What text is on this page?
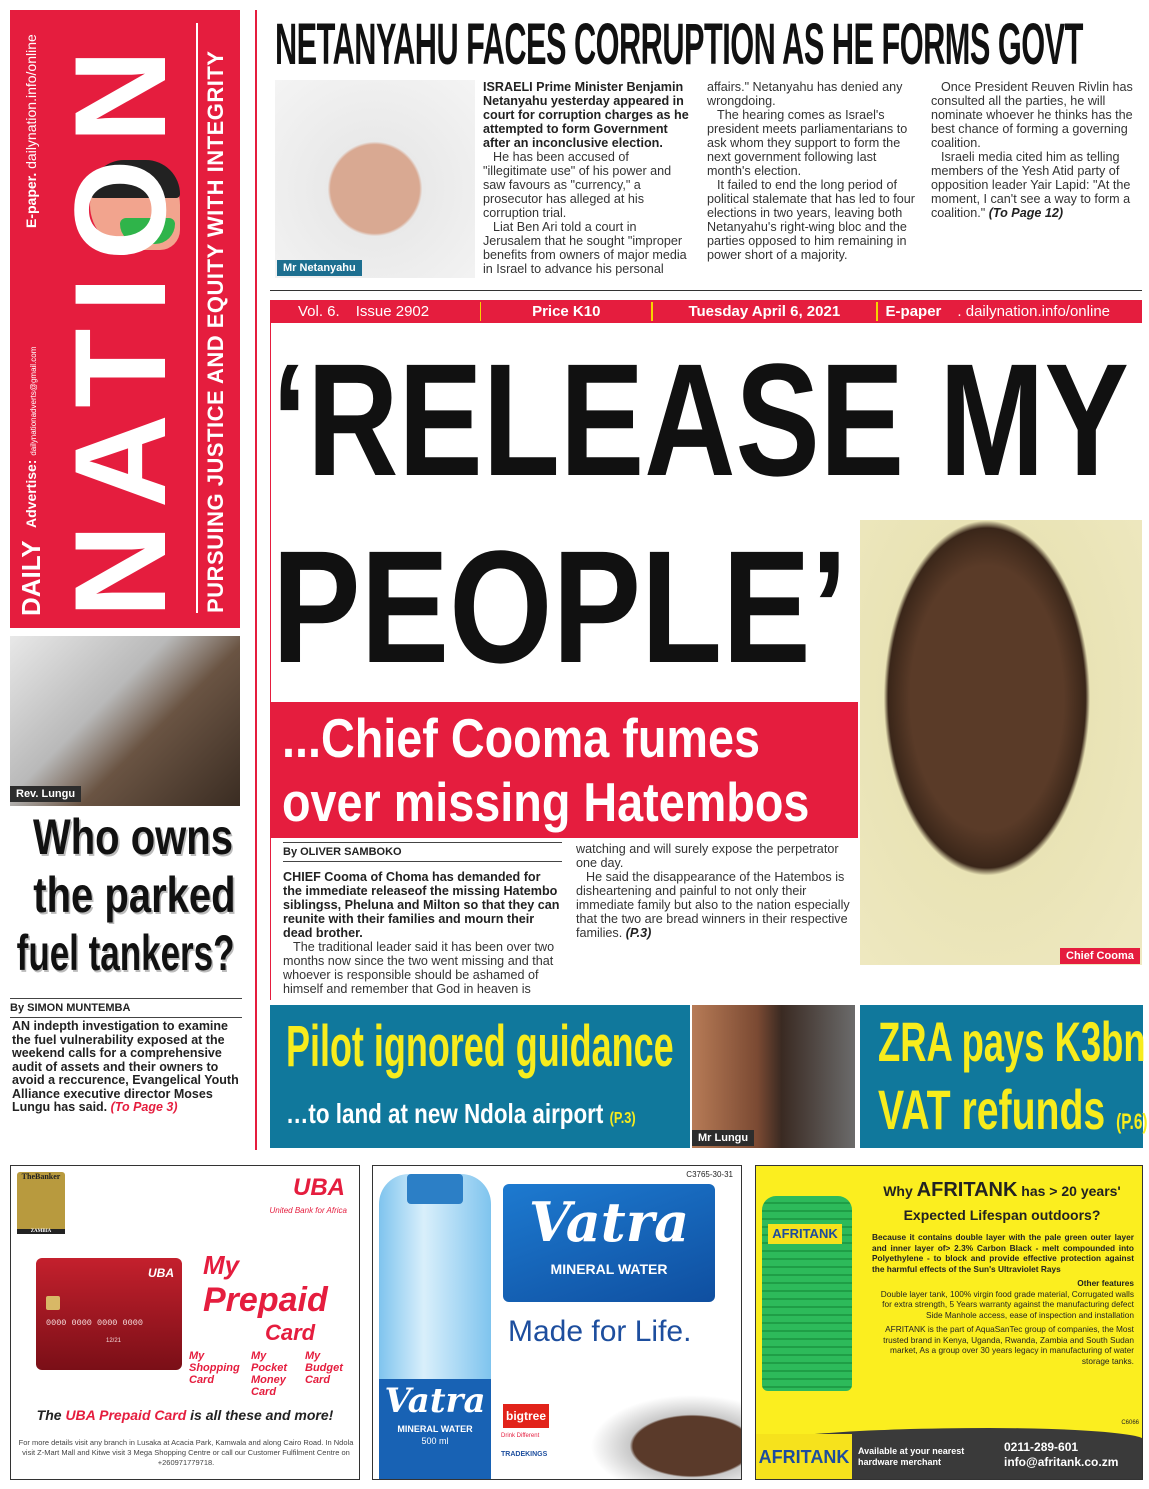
DAILY
Advertise: dailynationadverts@gmail.com
E-paper. dailynation.info/online NATION PURSUING JUSTICE AND EQUITY WITH INTEGRITY
Rev. Lungu
Who owns
the parked
fuel tankers?
By SIMON MUNTEMBA
AN indepth investigation to examine the fuel vulnerability exposed at the weekend calls for a comprehensive audit of assets and their owners to avoid a reccurence, Evangelical Youth Alliance executive director Moses Lungu has said. (To Page 3)
NETANYAHU FACES CORRUPTION AS HE FORMS GOVT
Mr Netanyahu
ISRAELI Prime Minister Benjamin Netanyahu yesterday appeared in court for corruption charges as he attempted to form Government after an inconclusive election.

He has been accused of "illegitimate use" of his power and saw favours as "currency," a prosecutor has alleged at his corruption trial.

Liat Ben Ari told a court in Jerusalem that he sought "improper benefits from owners of major media in Israel to advance his personal affairs." Netanyahu has denied any wrongdoing.

The hearing comes as Israel's president meets parliamentarians to ask whom they support to form the next government following last month's election.

It failed to end the long period of political stalemate that has led to four elections in two years, leaving both Netanyahu's right-wing bloc and the parties opposed to him remaining in power short of a majority.

Once President Reuven Rivlin has consulted all the parties, he will nominate whoever he thinks has the best chance of forming a governing coalition.

Israeli media cited him as telling members of the Yesh Atid party of opposition leader Yair Lapid: "At the moment, I can't see a way to form a coalition." (To Page 12)

Vol. 6.	Issue 2902	Price K10	Tuesday April 6, 2021	E-paper . dailynation.info/online
‘RELEASE MY
PEOPLE’
Chief Cooma
...Chief Cooma fumes
over missing Hatembos
By OLIVER SAMBOKO
CHIEF Cooma of Choma has demanded for the immediate releaseof the missing Hatembo siblingss, Pheluna and Milton so that they can reunite with their families and mourn their dead brother.

The traditional leader said it has been over two months now since the two went missing and that whoever is responsible should be ashamed of himself and remember that God in heaven is watching and will surely expose the perpetrator one day.

He said the disappearance of the Hatembos is disheartening and painful to not only their immediate family but also to the nation especially that the two are bread winners in their respective families. (P.3)

Pilot ignored guidance
…to land at new Ndola airport (P.3)
Mr Lungu
ZRA pays K3bn
VAT refunds (P.6)
TheBanker
ZAMBIA
UBA
United Bank for Africa
UBA
0000 0000 0000 0000
12/21
My
Prepaid
Card
My Shopping Card
My Pocket Money Card
My Budget Card
The UBA Prepaid Card is all these and more!
For more details visit any branch in Lusaka at Acacia Park, Kamwala and along Cairo Road. In Ndola visit Z-Mart Mall and Kitwe visit 3 Mega Shopping Centre or call our Customer Fulfilment Centre on +260971779718.
C3765-30-31
Vatra
MINERAL WATER
500 ml
Vatra
MINERAL WATER
Made for Life.
bigtree
Drink Different
TRADEKINGS
AFRITANK
Why AFRITANK has > 20 years'
Expected Lifespan outdoors?
Because it contains double layer with the pale green outer layer and inner layer of> 2.3% Carbon Black - melt compounded into Polyethylene - to block and provide effective protection against the harmful effects of the Sun's Ultraviolet Rays
Other features
Double layer tank, 100% virgin food grade material, Corrugated walls for extra strength, 5 Years warranty against the manufacturing defect Side Manhole access, ease of inspection and installation
AFRITANK is the part of AquaSanTec group of companies, the Most trusted brand in Kenya, Uganda, Rwanda, Zambia and South Sudan market, As a group over 30 years legacy in manufacturing of water storage tanks.
C6066
AFRITANK Available at your nearest hardware merchant
0211-289-601
info@afritank.co.zm
